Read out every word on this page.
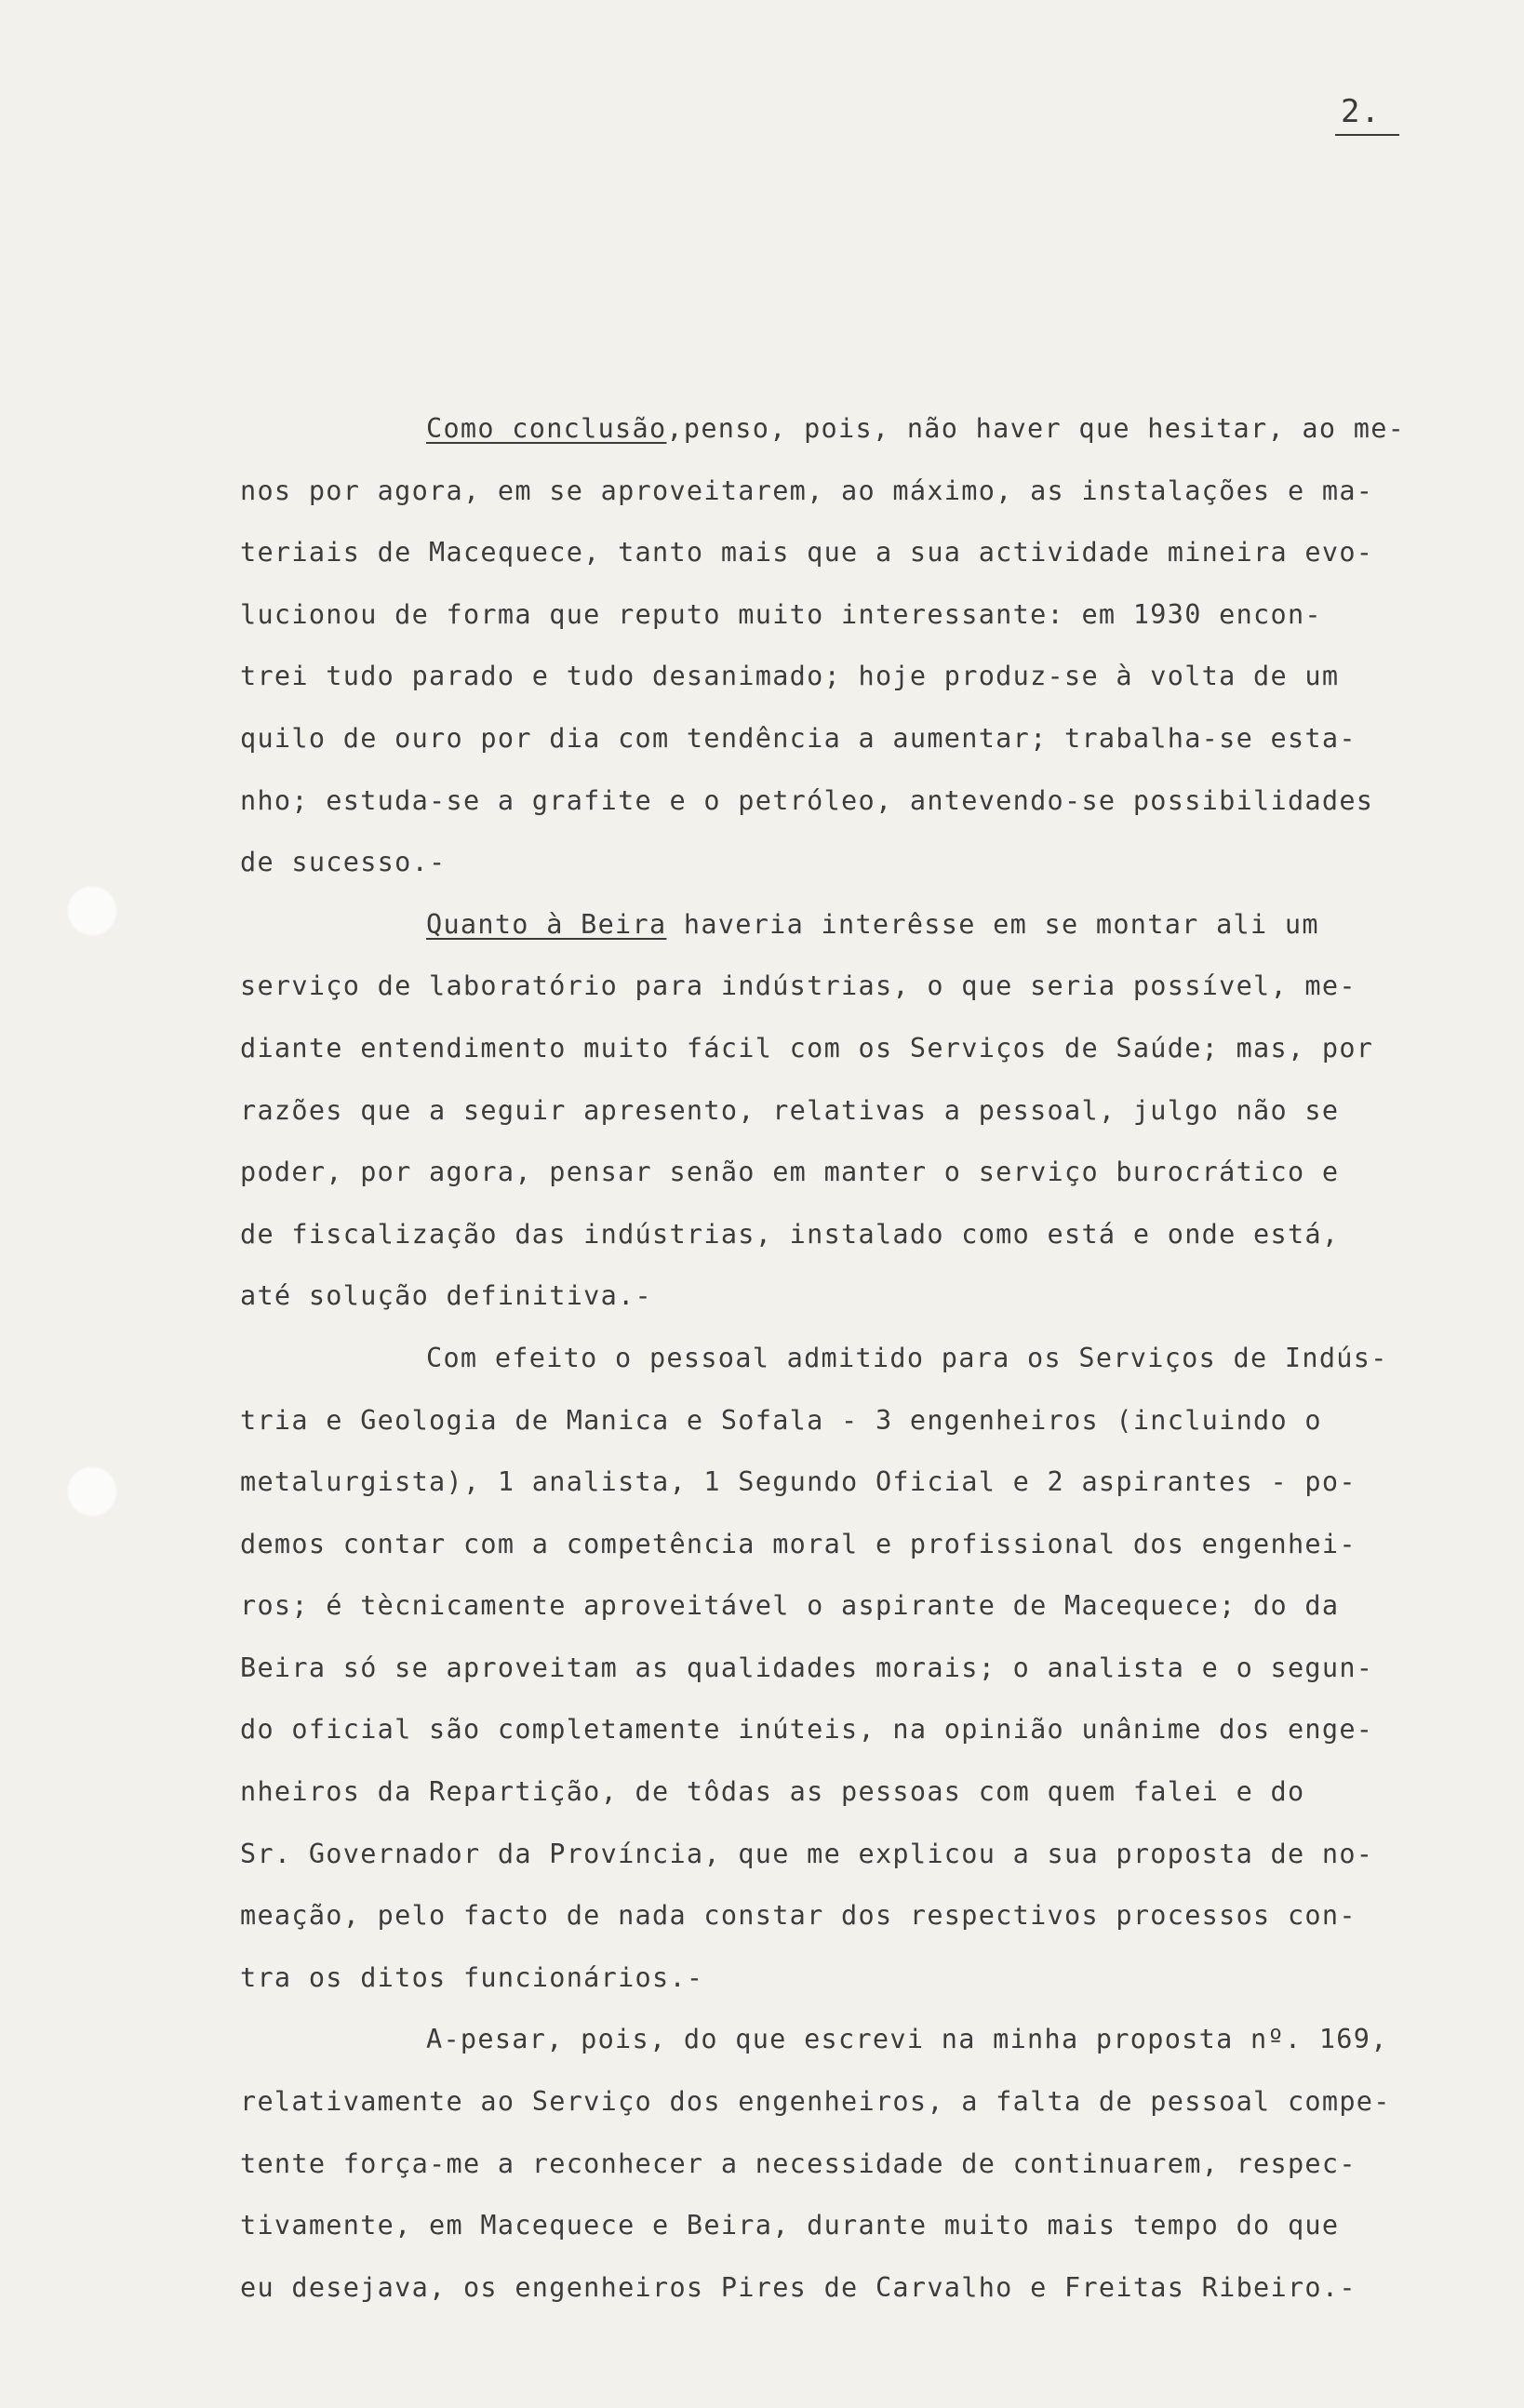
2.
Como conclusão,penso, pois, não haver que hesitar, ao me-
nos por agora, em se aproveitarem, ao máximo, as instalações e ma-
teriais de Macequece, tanto mais que a sua actividade mineira evo-
lucionou de forma que reputo muito interessante: em 1930 encon-
trei tudo parado e tudo desanimado; hoje produz-se à volta de um
quilo de ouro por dia com tendência a aumentar; trabalha-se esta-
nho; estuda-se a grafite e o petróleo, antevendo-se possibilidades
de sucesso.-
Quanto à Beira haveria interêsse em se montar ali um
serviço de laboratório para indústrias, o que seria possível, me-
diante entendimento muito fácil com os Serviços de Saúde; mas, por
razões que a seguir apresento, relativas a pessoal, julgo não se
poder, por agora, pensar senão em manter o serviço burocrático e
de fiscalização das indústrias, instalado como está e onde está,
até solução definitiva.-
Com efeito o pessoal admitido para os Serviços de Indús-
tria e Geologia de Manica e Sofala - 3 engenheiros (incluindo o
metalurgista), 1 analista, 1 Segundo Oficial e 2 aspirantes - po-
demos contar com a competência moral e profissional dos engenhei-
ros; é tècnicamente aproveitável o aspirante de Macequece; do da
Beira só se aproveitam as qualidades morais; o analista e o segun-
do oficial são completamente inúteis, na opinião unânime dos enge-
nheiros da Repartição, de tôdas as pessoas com quem falei e do
Sr. Governador da Província, que me explicou a sua proposta de no-
meação, pelo facto de nada constar dos respectivos processos con-
tra os ditos funcionários.-
A-pesar, pois, do que escrevi na minha proposta nº. 169,
relativamente ao Serviço dos engenheiros, a falta de pessoal compe-
tente força-me a reconhecer a necessidade de continuarem, respec-
tivamente, em Macequece e Beira, durante muito mais tempo do que
eu desejava, os engenheiros Pires de Carvalho e Freitas Ribeiro.-
